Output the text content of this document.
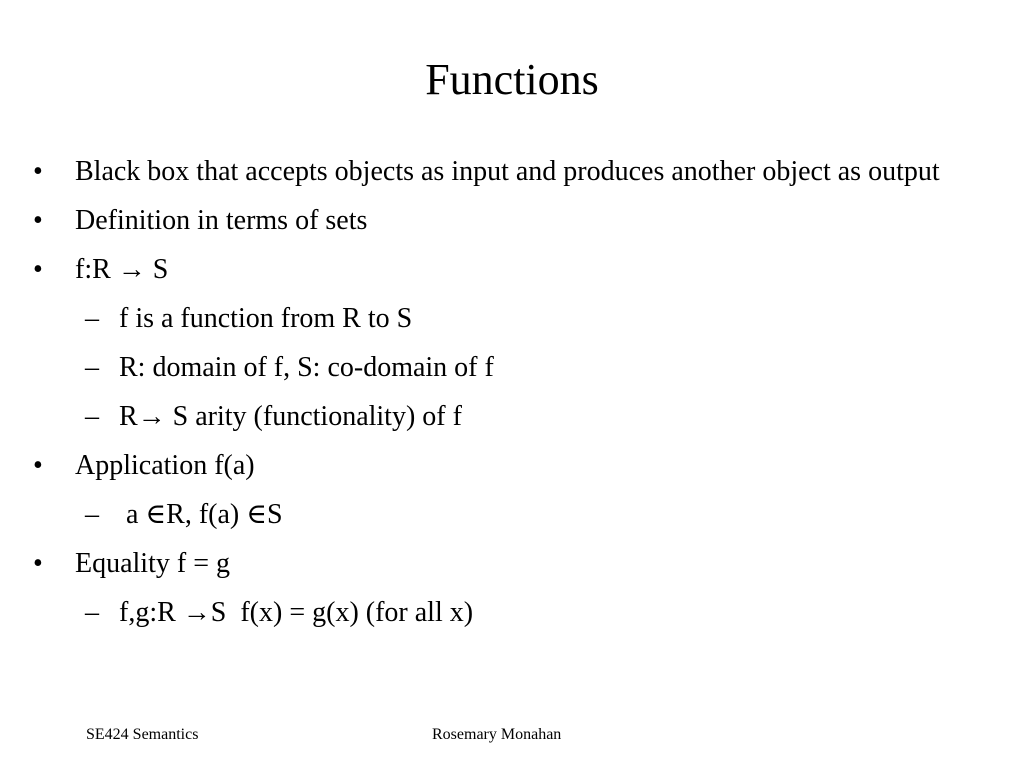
Functions
• Black box that accepts objects as input and produces another object as output
• Definition in terms of sets
• f:R → S
– f is a function from R to S
– R: domain of f, S: co-domain of f
– R→ S arity (functionality) of f
• Application f(a)
– a ∈R, f(a) ∈S
• Equality f = g
– f,g:R →S  f(x) = g(x) (for all x)
SE424 Semantics	Rosemary Monahan
